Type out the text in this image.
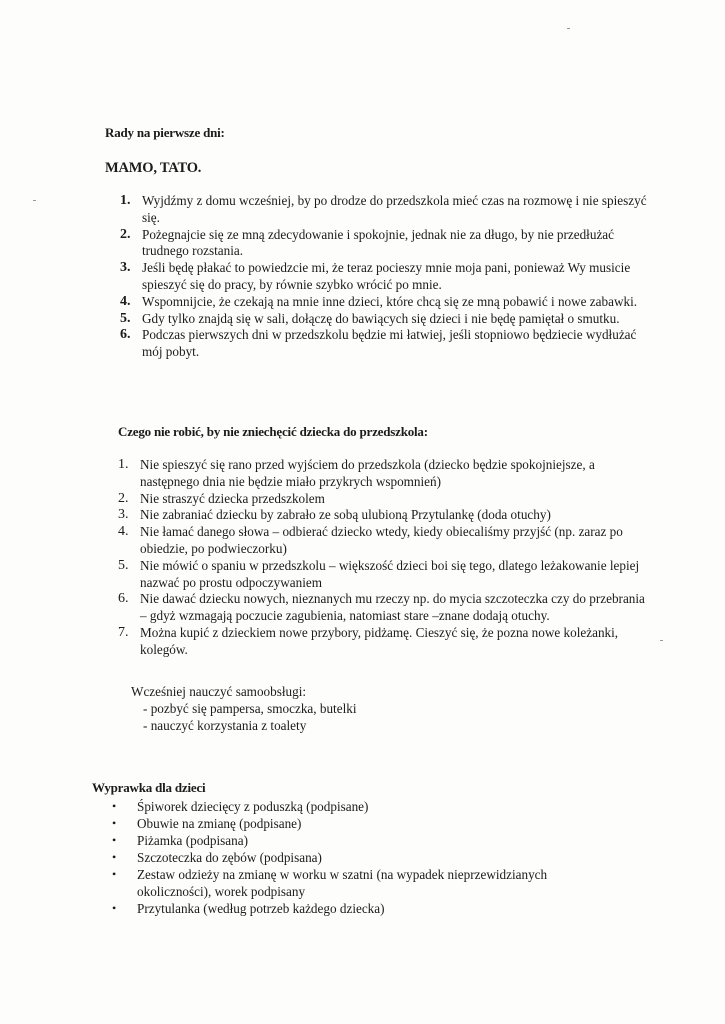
Rady na pierwsze dni:
MAMO, TATO.
1. Wyjdźmy z domu wcześniej, by po drodze do przedszkola mieć czas na rozmowę i nie spieszyć się.
2. Pożegnajcie się ze mną zdecydowanie i spokojnie, jednak nie za długo, by nie przedłużać trudnego rozstania.
3. Jeśli będę płakać to powiedzcie mi, że teraz pocieszy mnie moja pani, ponieważ Wy musicie spieszyć się do pracy, by równie szybko wrócić po mnie.
4. Wspomnijcie, że czekają na mnie inne dzieci, które chcą się ze mną pobawić i nowe zabawki.
5. Gdy tylko znajdą się w sali, dołączę do bawiących się dzieci i nie będę pamiętał o smutku.
6. Podczas pierwszych dni w przedszkolu będzie mi łatwiej, jeśli stopniowo będziecie wydłużać mój pobyt.
Czego nie robić, by nie zniechęcić dziecka do przedszkola:
1. Nie spieszyć się rano przed wyjściem do przedszkola (dziecko będzie spokojniejsze, a następnego dnia nie będzie miało przykrych wspomnień)
2. Nie straszyć dziecka przedszkolem
3. Nie zabraniać dziecku by zabrało ze sobą ulubioną Przytulankę (doda otuchy)
4. Nie łamać danego słowa – odbierać dziecko wtedy, kiedy obiecaliśmy przyjść (np. zaraz po obiedzie, po podwieczorku)
5. Nie mówić o spaniu w przedszkolu – większość dzieci boi się tego, dlatego leżakowanie lepiej nazwać po prostu odpoczywaniem
6. Nie dawać dziecku nowych, nieznanych mu rzeczy np. do mycia szczoteczka czy do przebrania – gdyż wzmagają poczucie zagubienia, natomiast stare –znane dodają otuchy.
7. Można kupić z dzieckiem nowe przybory, pidżamę. Cieszyć się, że pozna nowe koleżanki, kolegów.
Wcześniej nauczyć samoobsługi:
- pozbyć się pampersa, smoczka, butelki
- nauczyć korzystania z toalety
Wyprawka dla dzieci
• Śpiworek dziecięcy z poduszką (podpisane)
• Obuwie na zmianę (podpisane)
• Piżamka (podpisana)
• Szczoteczka do zębów (podpisana)
• Zestaw odzieży na zmianę w worku w szatni (na wypadek nieprzewidzianych okoliczności), worek podpisany
• Przytulanka (według potrzeb każdego dziecka)
